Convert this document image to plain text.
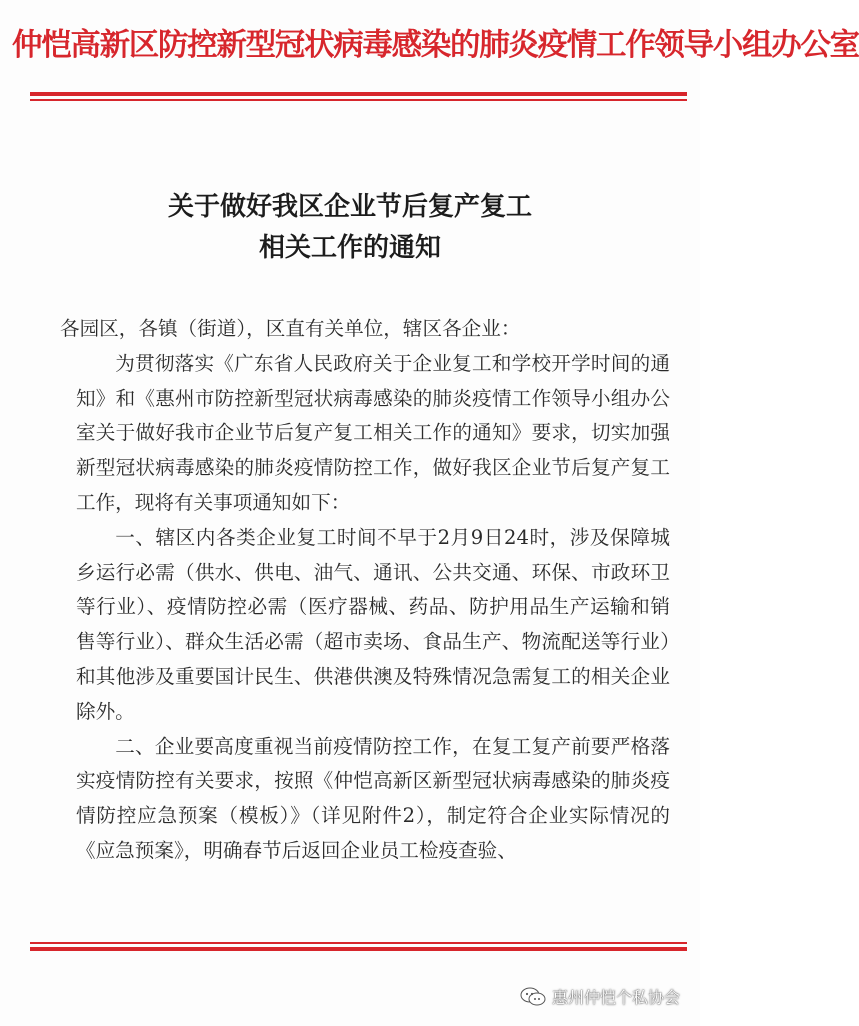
仲恺高新区防控新型冠状病毒感染的肺炎疫情工作领导小组办公室
关于做好我区企业节后复产复工
相关工作的通知

各园区，各镇（街道），区直有关单位，辖区各企业：

为贯彻落实《广东省人民政府关于企业复工和学校开学时间的通知》和《惠州市防控新型冠状病毒感染的肺炎疫情工作领导小组办公室关于做好我市企业节后复产复工相关工作的通知》要求，切实加强新型冠状病毒感染的肺炎疫情防控工作，做好我区企业节后复产复工工作，现将有关事项通知如下：

一、辖区内各类企业复工时间不早于2月9日24时，涉及保障城乡运行必需（供水、供电、油气、通讯、公共交通、环保、市政环卫等行业）、疫情防控必需（医疗器械、药品、防护用品生产运输和销售等行业）、群众生活必需（超市卖场、食品生产、物流配送等行业）和其他涉及重要国计民生、供港供澳及特殊情况急需复工的相关企业除外。

二、企业要高度重视当前疫情防控工作，在复工复产前要严格落实疫情防控有关要求，按照《仲恺高新区新型冠状病毒感染的肺炎疫情防控应急预案（模板）》（详见附件2），制定符合企业实际情况的《应急预案》，明确春节后返回企业员工检疫查验、

惠州仲恺个私协会
